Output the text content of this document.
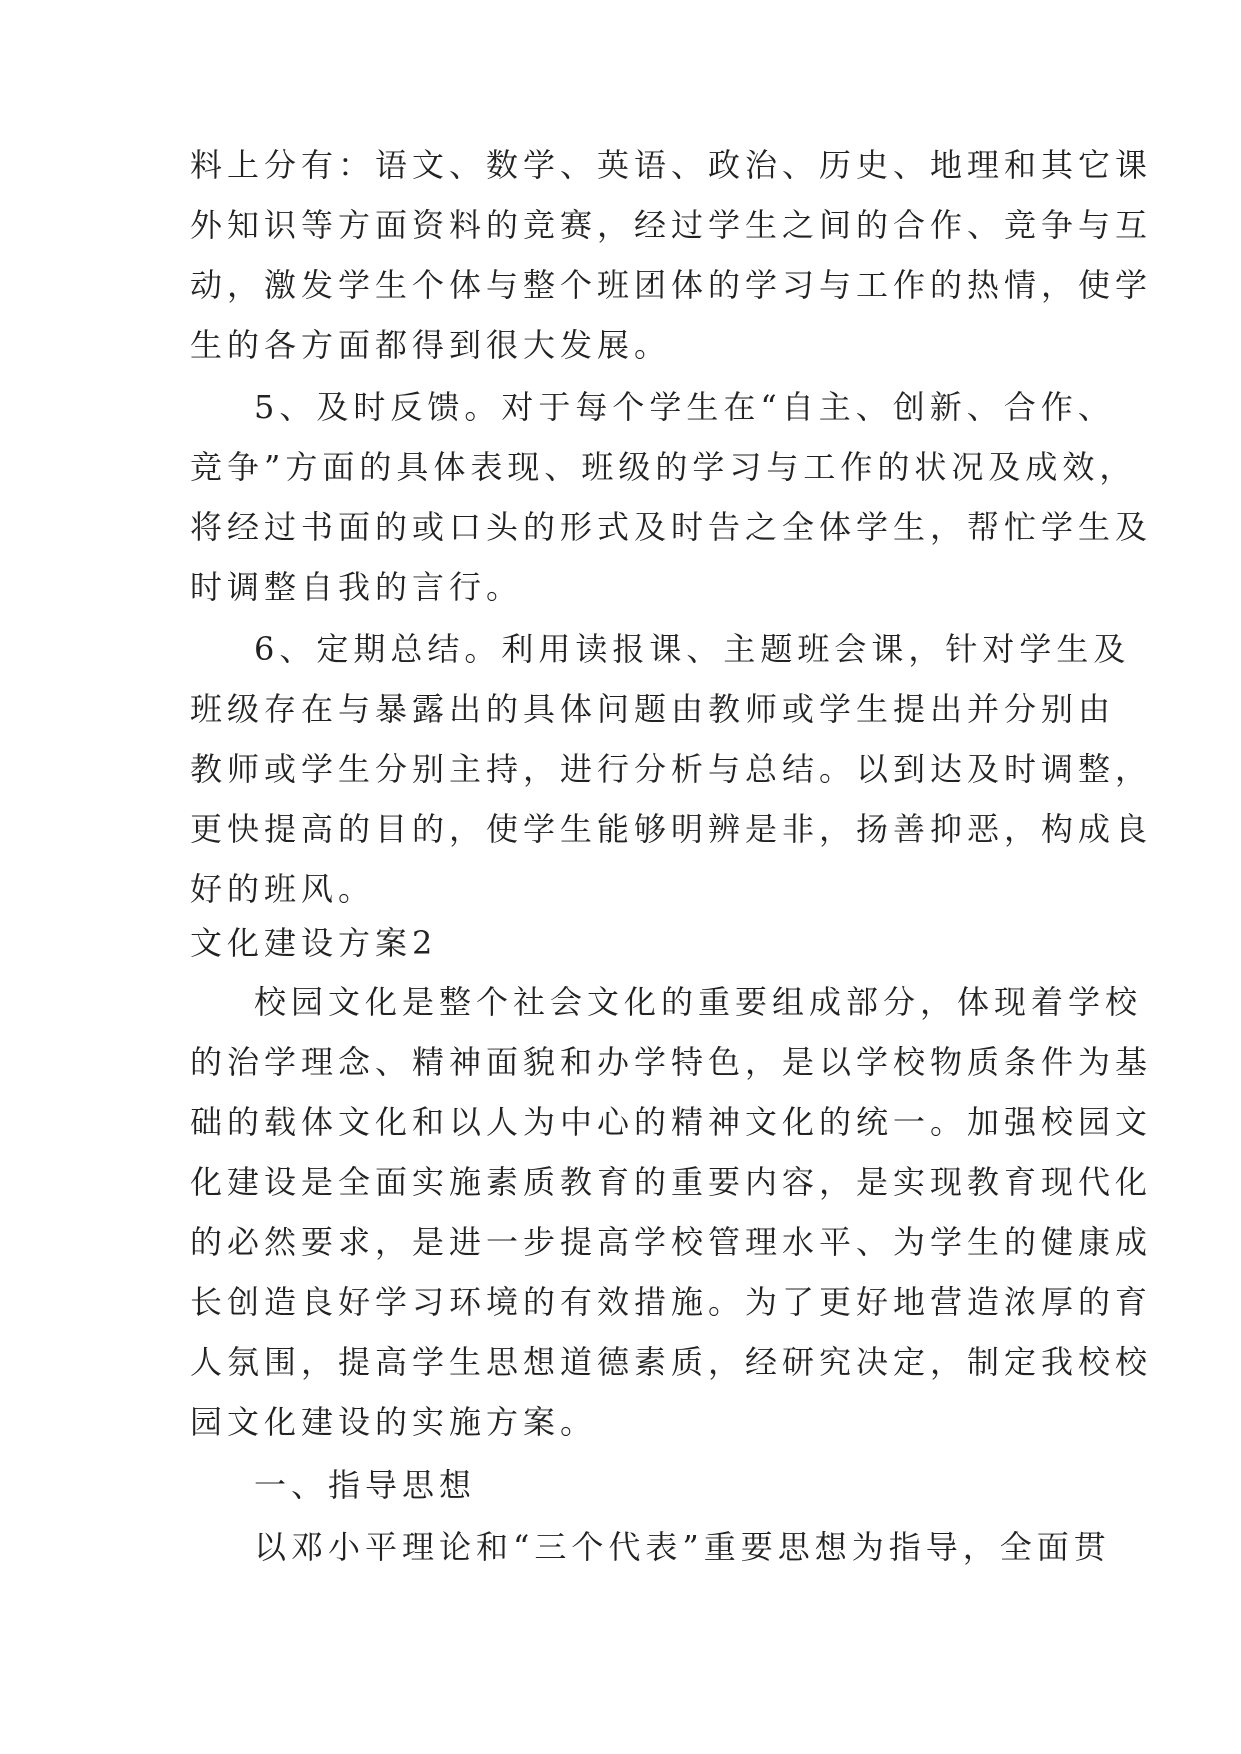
料上分有：语文、数学、英语、政治、历史、地理和其它课
外知识等方面资料的竞赛，经过学生之间的合作、竞争与互
动，激发学生个体与整个班团体的学习与工作的热情，使学
生的各方面都得到很大发展。
5、及时反馈。对于每个学生在“自主、创新、合作、
竞争”方面的具体表现、班级的学习与工作的状况及成效，
将经过书面的或口头的形式及时告之全体学生，帮忙学生及
时调整自我的言行。
6、定期总结。利用读报课、主题班会课，针对学生及
班级存在与暴露出的具体问题由教师或学生提出并分别由
教师或学生分别主持，进行分析与总结。以到达及时调整，
更快提高的目的，使学生能够明辨是非，扬善抑恶，构成良
好的班风。
文化建设方案2
校园文化是整个社会文化的重要组成部分，体现着学校
的治学理念、精神面貌和办学特色，是以学校物质条件为基
础的载体文化和以人为中心的精神文化的统一。加强校园文
化建设是全面实施素质教育的重要内容，是实现教育现代化
的必然要求，是进一步提高学校管理水平、为学生的健康成
长创造良好学习环境的有效措施。为了更好地营造浓厚的育
人氛围，提高学生思想道德素质，经研究决定，制定我校校
园文化建设的实施方案。
一、指导思想
以邓小平理论和“三个代表”重要思想为指导，全面贯
